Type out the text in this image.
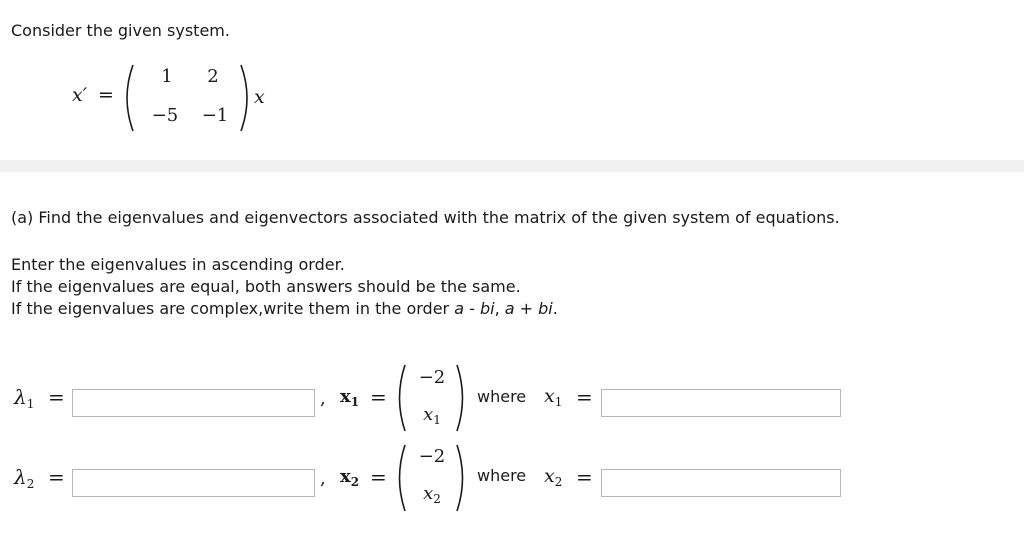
Consider the given system.
x′ =
1	2
−5	−1
x
(a) Find the eigenvalues and eigenvectors associated with the matrix of the given system of equations.
Enter the eigenvalues in ascending order.
If the eigenvalues are equal, both answers should be the same.
If the eigenvalues are complex,write them in the order a - bi, a + bi.
$\lambda_1$ =	, $x_1$ =
−2
$x_1$
where $x_1$ =
$\lambda_2$ =	, $x_2$ =
−2
$x_2$
where $x_2$ =
